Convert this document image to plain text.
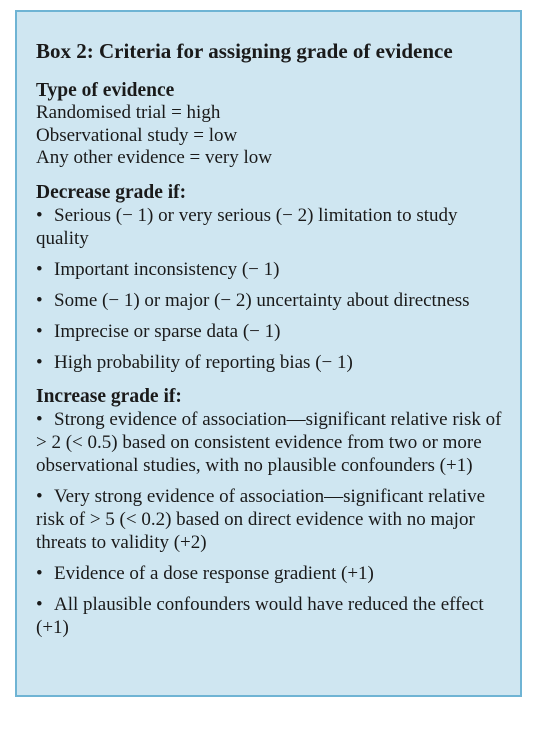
Box 2: Criteria for assigning grade of evidence
Type of evidence
Randomised trial = high
Observational study = low
Any other evidence = very low
Decrease grade if:
• Serious (− 1) or very serious (− 2) limitation to study quality
• Important inconsistency (− 1)
• Some (− 1) or major (− 2) uncertainty about directness
• Imprecise or sparse data (− 1)
• High probability of reporting bias (− 1)
Increase grade if:
• Strong evidence of association—significant relative risk of > 2 (< 0.5) based on consistent evidence from two or more observational studies, with no plausible confounders (+1)
• Very strong evidence of association—significant relative risk of > 5 (< 0.2) based on direct evidence with no major threats to validity (+2)
• Evidence of a dose response gradient (+1)
• All plausible confounders would have reduced the effect (+1)
